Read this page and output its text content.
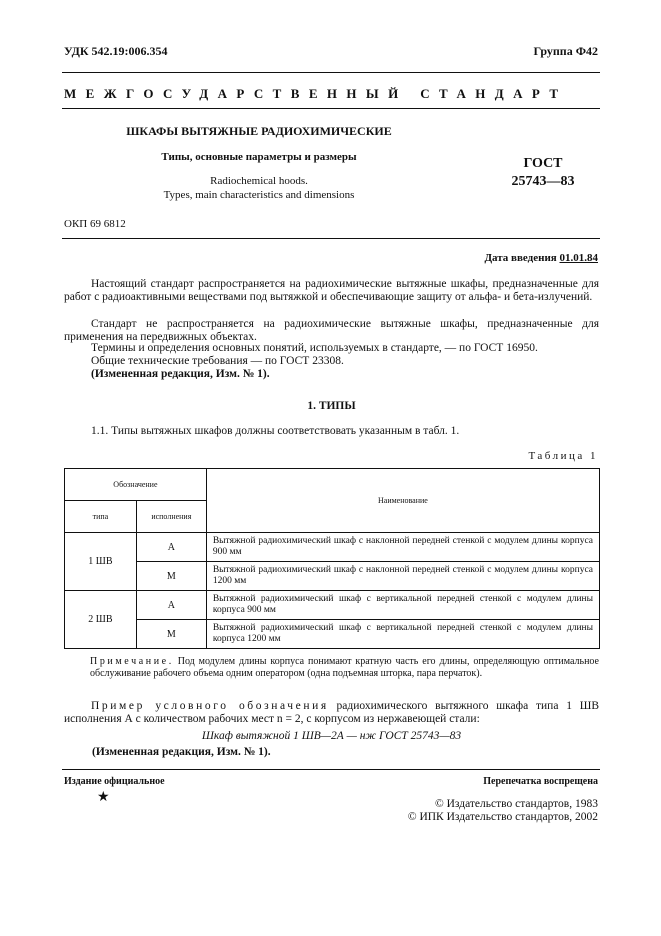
УДК 542.19:006.354	Группа Ф42
МЕЖГОСУДАРСТВЕННЫЙ СТАНДАРТ
ШКАФЫ ВЫТЯЖНЫЕ РАДИОХИМИЧЕСКИЕ
Типы, основные параметры и размеры
Radiochemical hoods.
Types, main characteristics and dimensions
ГОСТ
25743—83
ОКП 69 6812
Дата введения 01.01.84
Настоящий стандарт распространяется на радиохимические вытяжные шкафы, предназначенные для работ с радиоактивными веществами под вытяжкой и обеспечивающие защиту от альфа- и бета-излучений.
Стандарт не распространяется на радиохимические вытяжные шкафы, предназначенные для применения на передвижных объектах.
Термины и определения основных понятий, используемых в стандарте, — по ГОСТ 16950.
Общие технические требования — по ГОСТ 23308.
(Измененная редакция, Изм. № 1).
1. ТИПЫ
1.1. Типы вытяжных шкафов должны соответствовать указанным в табл. 1.
Таблица 1
Обозначение		Наименование
типа	исполнения	
1 ШВ	А	Вытяжной радиохимический шкаф с наклонной передней стенкой с модулем длины корпуса 900 мм
	М	Вытяжной радиохимический шкаф с наклонной передней стенкой с модулем длины корпуса 1200 мм
2 ШВ	А	Вытяжной радиохимический шкаф с вертикальной передней стенкой с модулем длины корпуса 900 мм
	М	Вытяжной радиохимический шкаф с вертикальной передней стенкой с модулем длины корпуса 1200 мм
Примечание. Под модулем длины корпуса понимают кратную часть его длины, определяющую оптимальное обслуживание рабочего объема одним оператором (одна подъемная шторка, пара перчаток).
Пример условного обозначения радиохимического вытяжного шкафа типа 1 ШВ исполнения А с количеством рабочих мест n = 2, с корпусом из нержавеющей стали:
Шкаф вытяжной 1 ШВ—2А — нж ГОСТ 25743—83
(Измененная редакция, Изм. № 1).
Издание официальное	Перепечатка воспрещена
★	© Издательство стандартов, 1983
© ИПК Издательство стандартов, 2002
